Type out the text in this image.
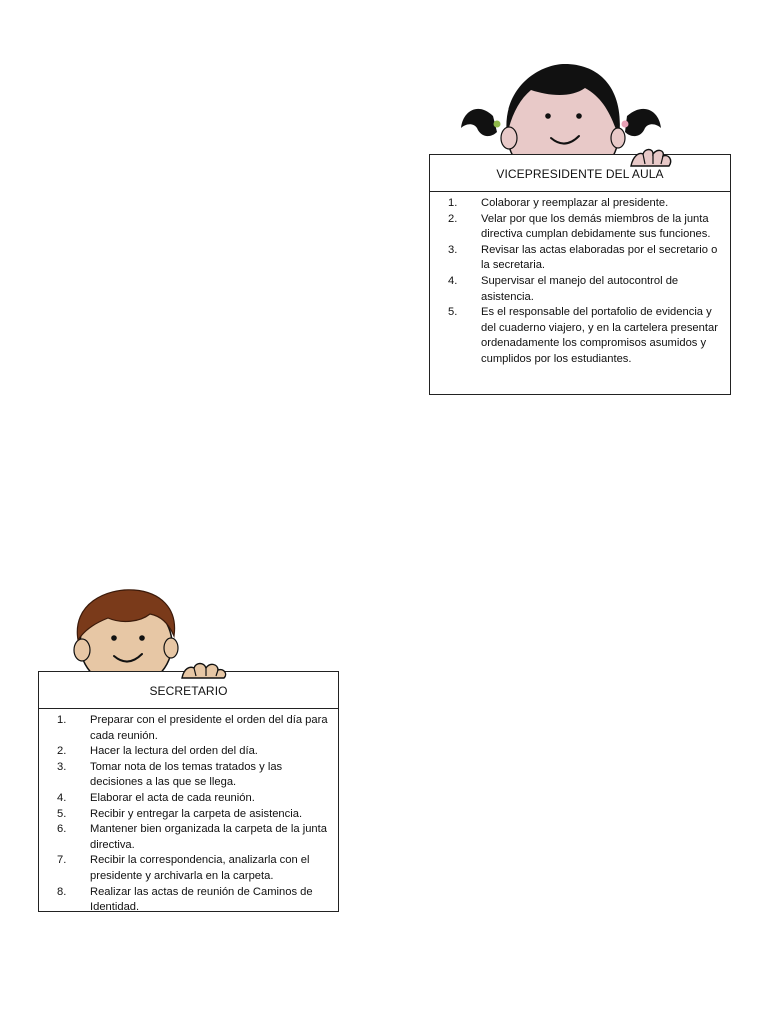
VICEPRESIDENTE DEL AULA
1.	Colaborar y reemplazar al presidente.
2.	Velar por que los demás miembros de la junta directiva cumplan debidamente sus funciones.
3.	Revisar las actas elaboradas por el secretario o la secretaria.
4.	Supervisar el manejo del autocontrol de asistencia.
5.	Es el responsable del portafolio de evidencia y del cuaderno viajero, y en la cartelera presentar ordenadamente los compromisos asumidos y cumplidos por los estudiantes.
SECRETARIO
1.	Preparar con el presidente el orden del día para cada reunión.
2.	Hacer la lectura del orden del día.
3.	Tomar nota de los temas tratados y las decisiones a las que se llega.
4.	Elaborar el acta de cada reunión.
5.	Recibir y entregar la carpeta de asistencia.
6.	Mantener bien organizada la carpeta de la junta directiva.
7.	Recibir la correspondencia, analizarla con el presidente y archivarla en la carpeta.
8.	Realizar las actas de reunión de Caminos de Identidad.
